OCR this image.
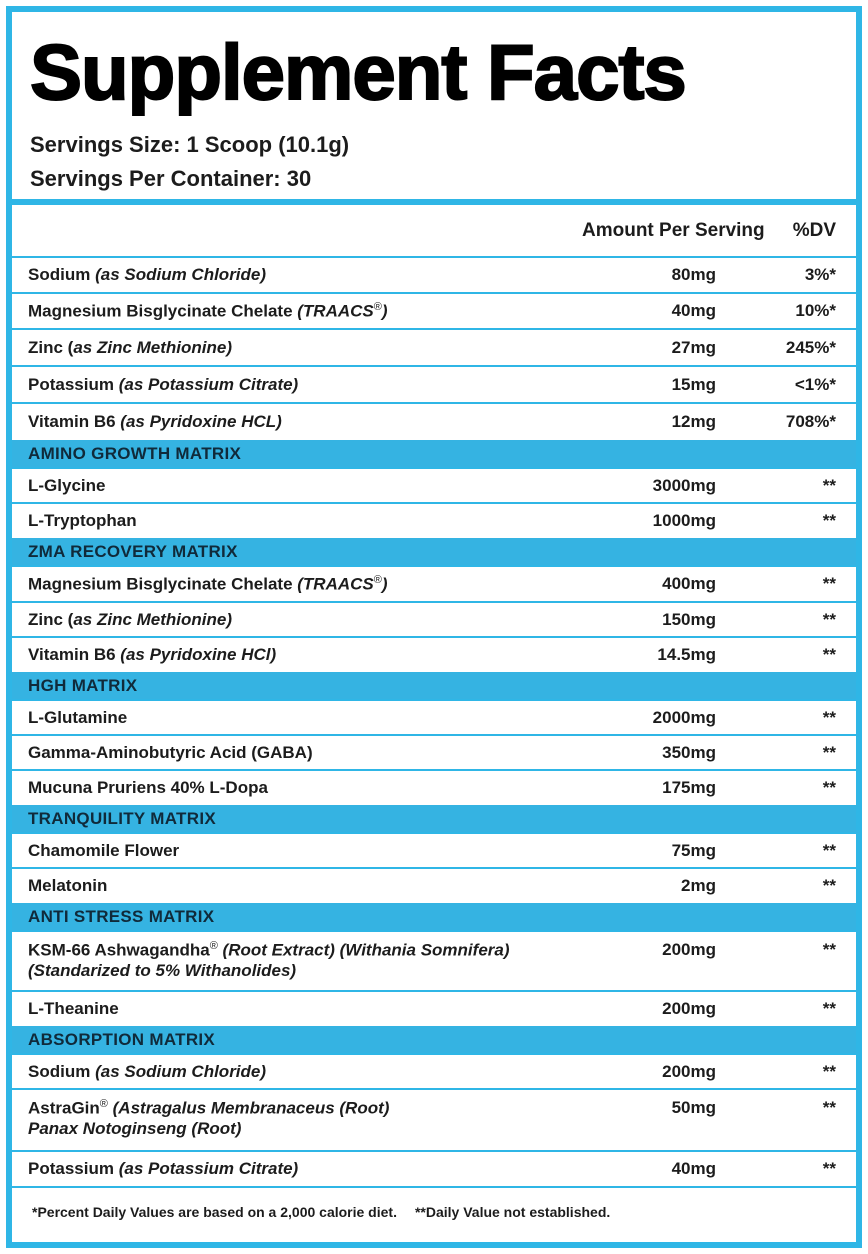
Supplement Facts
Servings Size: 1 Scoop (10.1g)
Servings Per Container: 30
	Amount Per Serving	%DV
Sodium (as Sodium Chloride)	80mg	3%*
Magnesium Bisglycinate Chelate (TRAACS®)	40mg	10%*
Zinc (as Zinc Methionine)	27mg	245%*
Potassium (as Potassium Citrate)	15mg	<1%*
Vitamin B6 (as Pyridoxine HCL)	12mg	708%*
AMINO GROWTH MATRIX		
L-Glycine	3000mg	**
L-Tryptophan	1000mg	**
ZMA RECOVERY MATRIX		
Magnesium Bisglycinate Chelate (TRAACS®)	400mg	**
Zinc (as Zinc Methionine)	150mg	**
Vitamin B6 (as Pyridoxine HCl)	14.5mg	**
HGH MATRIX		
L-Glutamine	2000mg	**
Gamma-Aminobutyric Acid (GABA)	350mg	**
Mucuna Pruriens 40% L-Dopa	175mg	**
TRANQUILITY MATRIX		
Chamomile Flower	75mg	**
Melatonin	2mg	**
ANTI STRESS MATRIX		
KSM-66 Ashwagandha® (Root Extract) (Withania Somnifera)
(Standarized to 5% Withanolides)	200mg	**
L-Theanine	200mg	**
ABSORPTION MATRIX		
Sodium (as Sodium Chloride)	200mg	**
AstraGin® (Astragalus Membranaceus (Root)
Panax Notoginseng (Root)	50mg	**
Potassium (as Potassium Citrate)	40mg	**
*Percent Daily Values are based on a 2,000 calorie diet. **Daily Value not established.		
